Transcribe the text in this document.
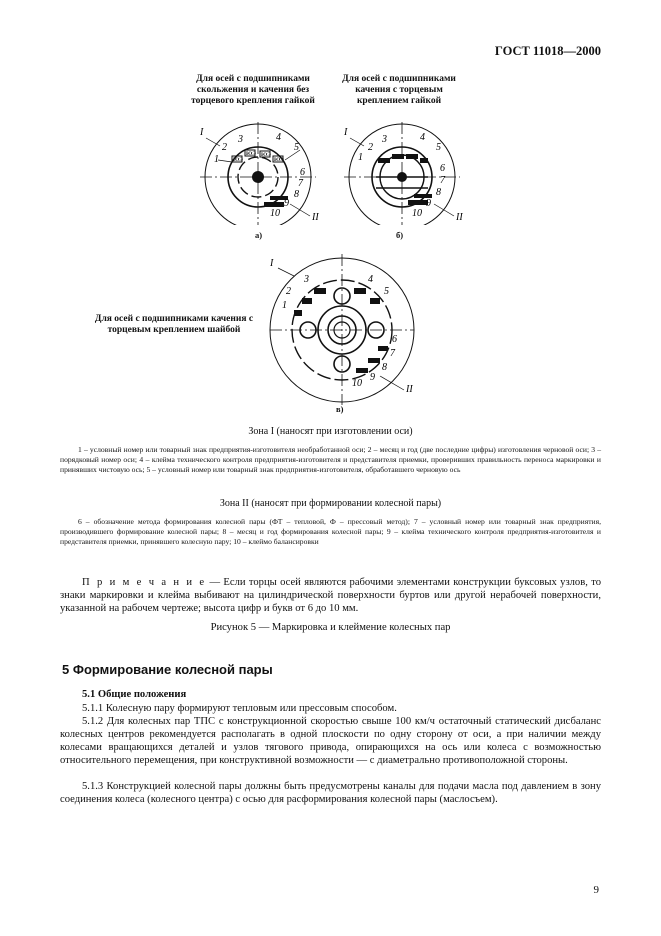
ГОСТ 11018—2000
Для осей с подшипниками скольжения и качения без торцевого крепления гайкой
Для осей с подшипниками качения с торцевым креплением гайкой
Для осей с подшипниками качения с торцевым креплением шайбой
ЮЭ
ЮЭ ЮЭ
ЮЭ
I
1
2
3	4
5
6
7
8
9
10	II
а)
I
1
2
3	4
5
6
7
8
9
10	II
б)
I
1
2
3	4
5
6
7
8
9
10
II
в)
Зона I (наносят при изготовлении оси)
1 – условный номер или товарный знак предприятия-изготовителя необработанной оси; 2 – месяц и год (две последние цифры) изготовления черновой оси; 3 – порядковый номер оси; 4 – клейма технического контроля предприятия-изготовителя и представителя приемки, проверивших правильность переноса маркировки и принявших чистовую ось; 5 – условный номер или товарный знак предприятия-изготовителя, обработавшего черновую ось
Зона II (наносят при формировании колесной пары)
6 – обозначение метода формирования колесной пары (ФТ – тепловой, Ф – прессовый метод); 7 – условный номер или товарный знак предприятия, производившего формирование колесной пары; 8 – месяц и год формирования колесной пары; 9 – клейма технического контроля предприятия-изготовителя и представителя приемки, принявшего колесную пару; 10 – клеймо балансировки
П р и м е ч а н и е — Если торцы осей являются рабочими элементами конструкции буксовых узлов, то знаки маркировки и клейма выбивают на цилиндрической поверхности буртов или другой нерабочей поверхности, указанной на рабочем чертеже; высота цифр и букв от 6 до 10 мм.
Рисунок 5 — Маркировка и клеймение колесных пар
5 Формирование колесной пары
5.1 Общие положения
5.1.1 Колесную пару формируют тепловым или прессовым способом.
5.1.2 Для колесных пар ТПС с конструкционной скоростью свыше 100 км/ч остаточный статический дисбаланс колесных центров рекомендуется располагать в одной плоскости по одну сторону от оси, а при наличии между колесами вращающихся деталей и узлов тягового привода, опирающихся на ось или колеса с возможностью относительного перемещения, при конструктивной возможности — с диаметрально противоположной стороны.
5.1.3 Конструкцией колесной пары должны быть предусмотрены каналы для подачи масла под давлением в зону соединения колеса (колесного центра) с осью для расформирования колесной пары (маслосъем).
9
